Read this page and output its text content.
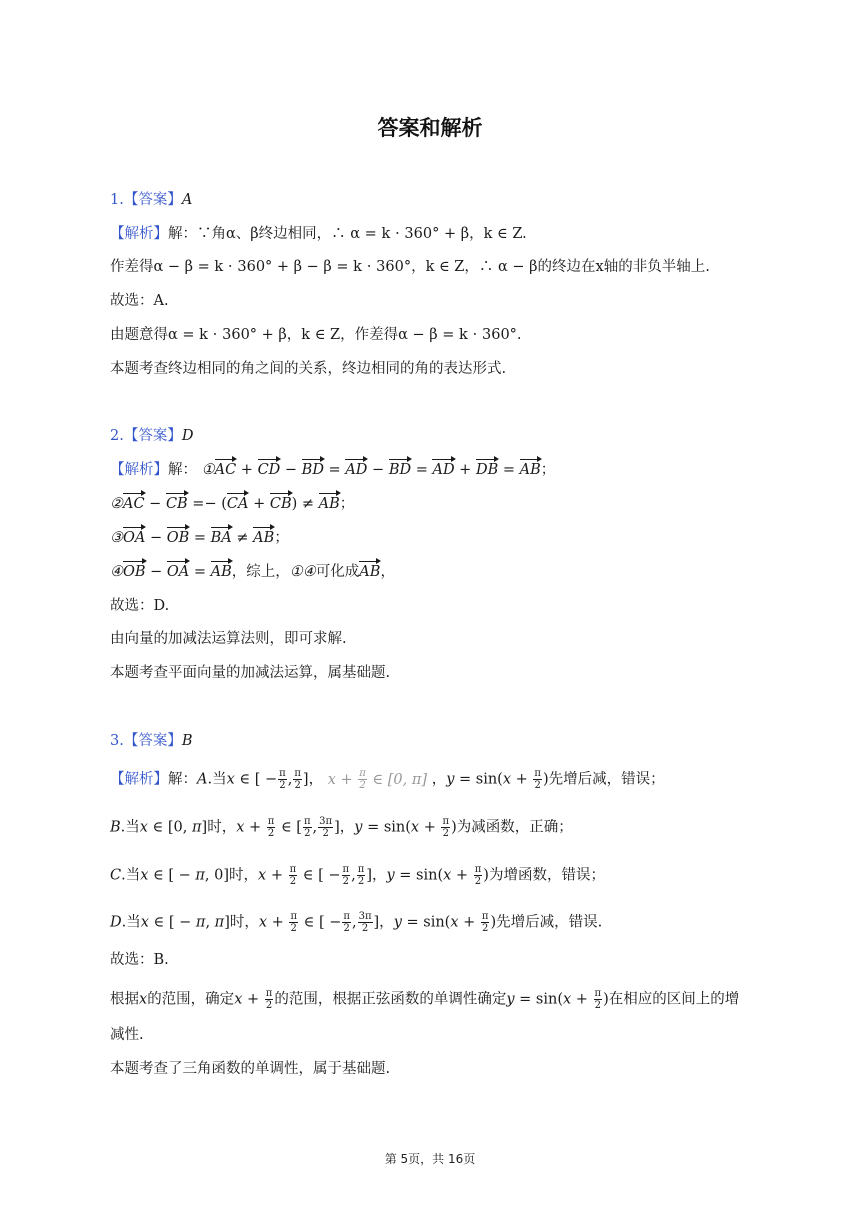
答案和解析
1.【答案】A
【解析】解：∵角α、β终边相同，∴ α = k ⋅ 360° + β，k ∈ Z.
作差得α − β = k ⋅ 360° + β − β = k ⋅ 360°，k ∈ Z，∴ α − β的终边在x轴的非负半轴上.
故选：A.
由题意得α = k ⋅ 360° + β，k ∈ Z，作差得α − β = k ⋅ 360°.
本题考查终边相同的角之间的关系，终边相同的角的表达形式.
2.【答案】D
【解析】解： ①AC + CD − BD = AD − BD = AD + DB = AB；
②AC − CB =− (CA + CB) ≠ AB；
③OA − OB = BA ≠ AB；
④OB − OA = AB，综上，①④可化成AB，
故选：D.
由向量的加减法运算法则，即可求解.
本题考查平面向量的加减法运算，属基础题.
3.【答案】B
【解析】解：A.当x ∈ [ − $\frac{\pi}{2}$ , $\frac{\pi}{2}$ ]， $x + \frac{\pi}{2}$ ∈ [0, π] ，$y = \sin(x + \frac{\pi}{2}$ )先增后减，错误；
B.当x ∈ [0, π]时，$x + \frac{\pi}{2}$ ∈ [ $\frac{\pi}{2}$ , $\frac{3\pi}{2}$ ]，$y = \sin(x + \frac{\pi}{2}$ )为减函数，正确；
C.当x ∈ [ − π, 0]时，$x + \frac{\pi}{2}$ ∈ [ − $\frac{\pi}{2}$ , $\frac{\pi}{2}$ ]，$y = \sin(x + \frac{\pi}{2}$ )为增函数，错误；
D.当x ∈ [ − π, π]时，$x + \frac{\pi}{2}$ ∈ [ − $\frac{\pi}{2}$ , $\frac{3\pi}{2}$ ]，$y = \sin(x + \frac{\pi}{2}$ )先增后减，错误.
故选：B.
根据x的范围，确定$x + \frac{\pi}{2}$ 的范围，根据正弦函数的单调性确定$y = \sin(x + \frac{\pi}{2}$ )在相应的区间上的增
减性.
本题考查了三角函数的单调性，属于基础题.
第 5页，共 16页
